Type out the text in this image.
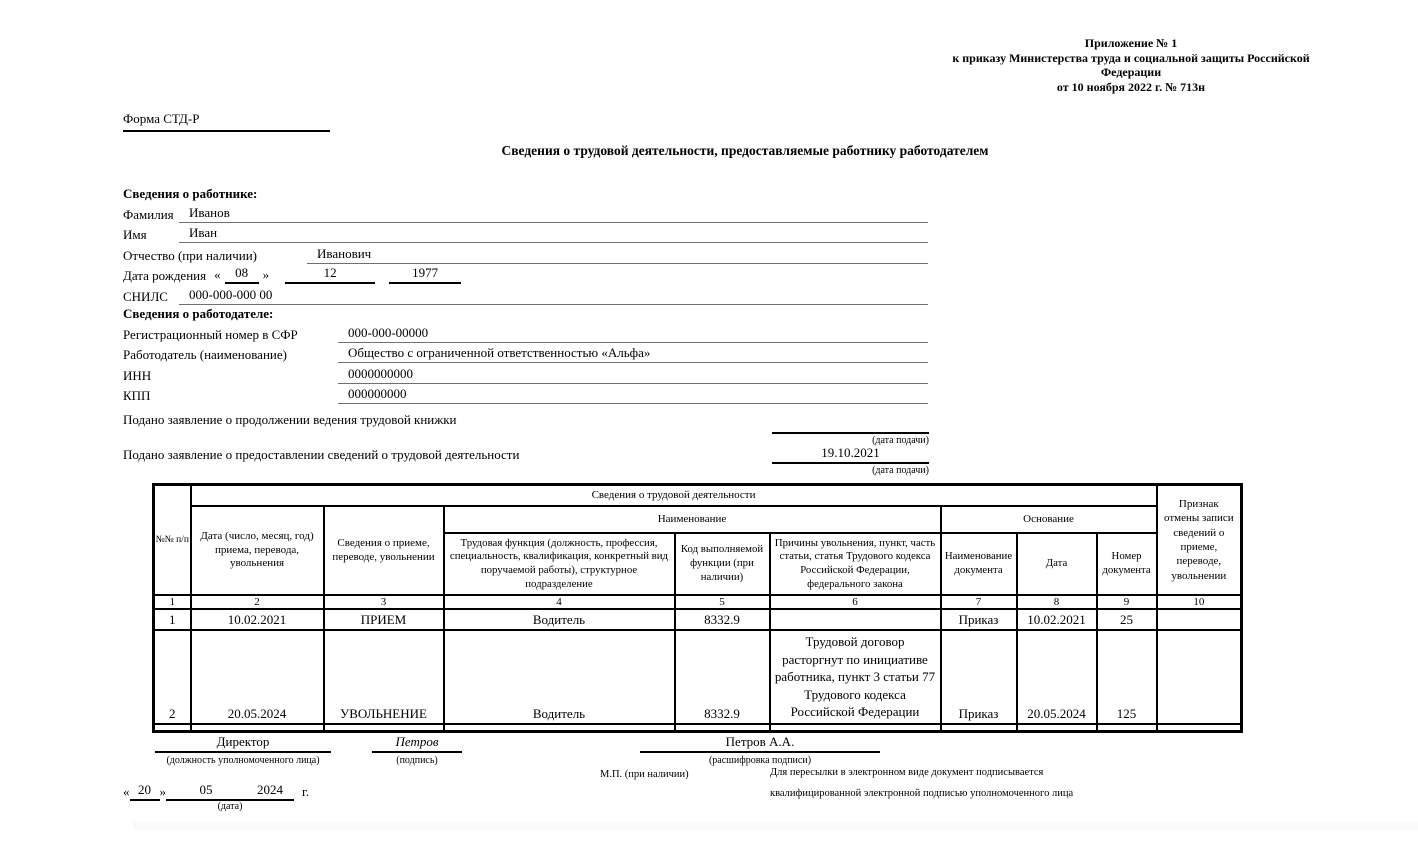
Приложение № 1
к приказу Министерства труда и социальной защиты Российской
Федерации
от 10 ноября 2022 г. № 713н
Форма СТД-Р
Сведения о трудовой деятельности, предоставляемые работнику работодателем
Сведения о работнике:
Фамилия	Иванов
Имя	Иван
Отчество (при наличии)	Иванович
Дата рождения «	08	»	12	1977
СНИЛС	000-000-000 00
Сведения о работодателе:
Регистрационный номер в СФР	000-000-00000
Работодатель (наименование)	Общество с ограниченной ответственностью «Альфа»
ИНН	0000000000
КПП	000000000
Подано заявление о продолжении ведения трудовой книжки
(дата подачи)
Подано заявление о предоставлении сведений о трудовой деятельности	19.10.2021
(дата подачи)
№№ п/п	Сведения о трудовой деятельности								Признак отмены записи сведений о приеме, переводе, увольнении
	Дата (число, месяц, год) приема, перевода, увольнения	Сведения о приеме, переводе, увольнении	Наименование			Основание			
			Трудовая функция (должность, профессия, специальность, квалификация, конкретный вид поручаемой работы), структурное подразделение	Код выполняемой функции (при наличии)	Причины увольнения, пункт, часть статьи, статья Трудового кодекса Российской Федерации, федерального закона	Наименование документа	Дата	Номер документа	
1	2	3	4	5	6	7	8	9	10
1	10.02.2021	ПРИЕМ	Водитель	8332.9		Приказ	10.02.2021	25	
2	20.05.2024	УВОЛЬНЕНИЕ	Водитель	8332.9	Трудовой договор расторгнут по инициативе работника, пункт 3 статьи 77 Трудового кодекса Российской Федерации	Приказ	20.05.2024	125	

Директор
(должность уполномоченного лица)
Петров
(подпись)
Петров А.А.
(расшифровка подписи)
М.П. (при наличии)	Для пересылки в электронном виде документ подписывается
квалифицированной электронной подписью уполномоченного лица
« 20 »	05	2024	г.
(дата)
